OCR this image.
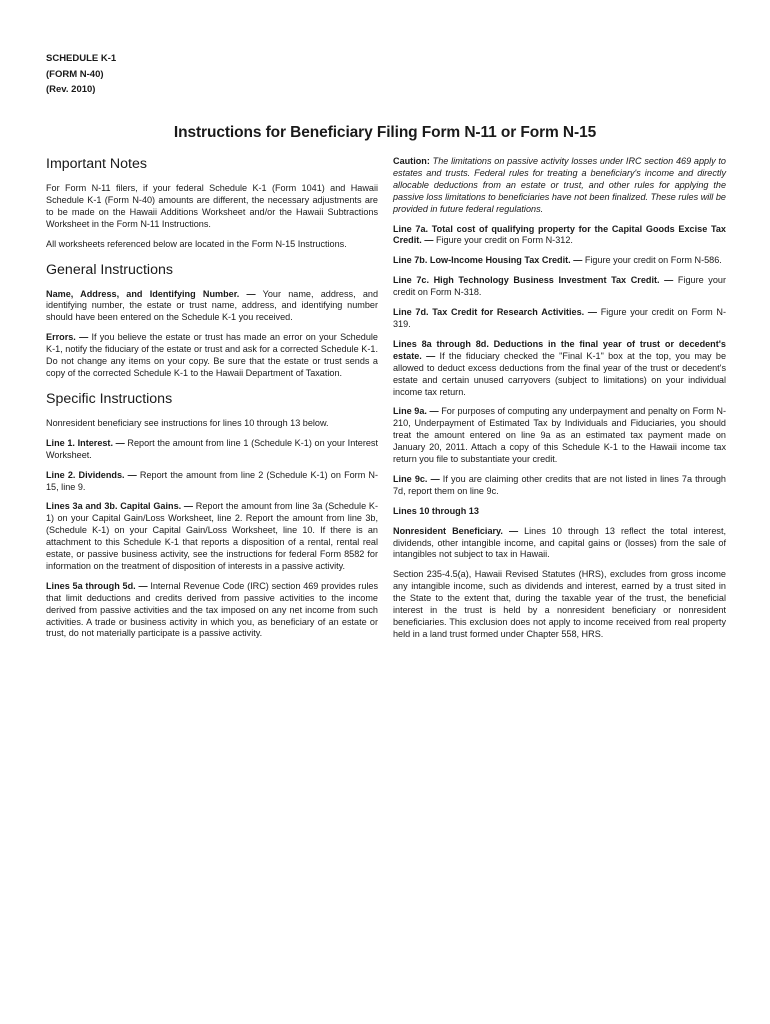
SCHEDULE K-1
(FORM N-40)
(Rev. 2010)
Instructions for Beneficiary Filing Form N-11 or Form N-15
Important Notes

For Form N-11 filers, if your federal Schedule K-1 (Form 1041) and Hawaii Schedule K-1 (Form N-40) amounts are different, the necessary adjustments are to be made on the Hawaii Additions Worksheet and/or the Hawaii Subtractions Worksheet in the Form N-11 Instructions.

All worksheets referenced below are located in the Form N-15 Instructions.

General Instructions

Name, Address, and Identifying Number. — Your name, address, and identifying number, the estate or trust name, address, and identifying number should have been entered on the Schedule K-1 you received.

Errors. — If you believe the estate or trust has made an error on your Schedule K-1, notify the fiduciary of the estate or trust and ask for a corrected Schedule K-1. Do not change any items on your copy. Be sure that the estate or trust sends a copy of the corrected Schedule K-1 to the Hawaii Department of Taxation.

Specific Instructions

Nonresident beneficiary see instructions for lines 10 through 13 below.

Line 1. Interest. — Report the amount from line 1 (Schedule K-1) on your Interest Worksheet.

Line 2. Dividends. — Report the amount from line 2 (Schedule K-1) on Form N-15, line 9.

Lines 3a and 3b. Capital Gains. — Report the amount from line 3a (Schedule K-1) on your Capital Gain/Loss Worksheet, line 2. Report the amount from line 3b, (Schedule K-1) on your Capital Gain/Loss Worksheet, line 10. If there is an attachment to this Schedule K-1 that reports a disposition of a rental, rental real estate, or passive business activity, see the instructions for federal Form 8582 for information on the treatment of disposition of interests in a passive activity.

Lines 5a through 5d. — Internal Revenue Code (IRC) section 469 provides rules that limit deductions and credits derived from passive activities to the income derived from passive activities and the tax imposed on any net income from such activities. A trade or business activity in which you, as beneficiary of an estate or trust, do not materially participate is a passive activity.

Caution: The limitations on passive activity losses under IRC section 469 apply to estates and trusts. Federal rules for treating a beneficiary's income and directly allocable deductions from an estate or trust, and other rules for applying the passive loss limitations to beneficiaries have not been finalized. These rules will be provided in future federal regulations.

Line 7a. Total cost of qualifying property for the Capital Goods Excise Tax Credit. — Figure your credit on Form N-312.

Line 7b. Low-Income Housing Tax Credit. — Figure your credit on Form N-586.

Line 7c. High Technology Business Investment Tax Credit. — Figure your credit on Form N-318.

Line 7d. Tax Credit for Research Activities. — Figure your credit on Form N-319.

Lines 8a through 8d. Deductions in the final year of trust or decedent's estate. — If the fiduciary checked the "Final K-1" box at the top, you may be allowed to deduct excess deductions from the final year of the trust or decedent's estate and certain unused carryovers (subject to limitations) on your individual income tax return.

Line 9a. — For purposes of computing any underpayment and penalty on Form N-210, Underpayment of Estimated Tax by Individuals and Fiduciaries, you should treat the amount entered on line 9a as an estimated tax payment made on January 20, 2011. Attach a copy of this Schedule K-1 to the Hawaii income tax return you file to substantiate your credit.

Line 9c. — If you are claiming other credits that are not listed in lines 7a through 7d, report them on line 9c.

Lines 10 through 13

Nonresident Beneficiary. — Lines 10 through 13 reflect the total interest, dividends, other intangible income, and capital gains or (losses) from the sale of intangibles not subject to tax in Hawaii.

Section 235-4.5(a), Hawaii Revised Statutes (HRS), excludes from gross income any intangible income, such as dividends and interest, earned by a trust sited in the State to the extent that, during the taxable year of the trust, the beneficial interest in the trust is held by a nonresident beneficiary or nonresident beneficiaries. This exclusion does not apply to income received from real property held in a land trust formed under Chapter 558, HRS.
